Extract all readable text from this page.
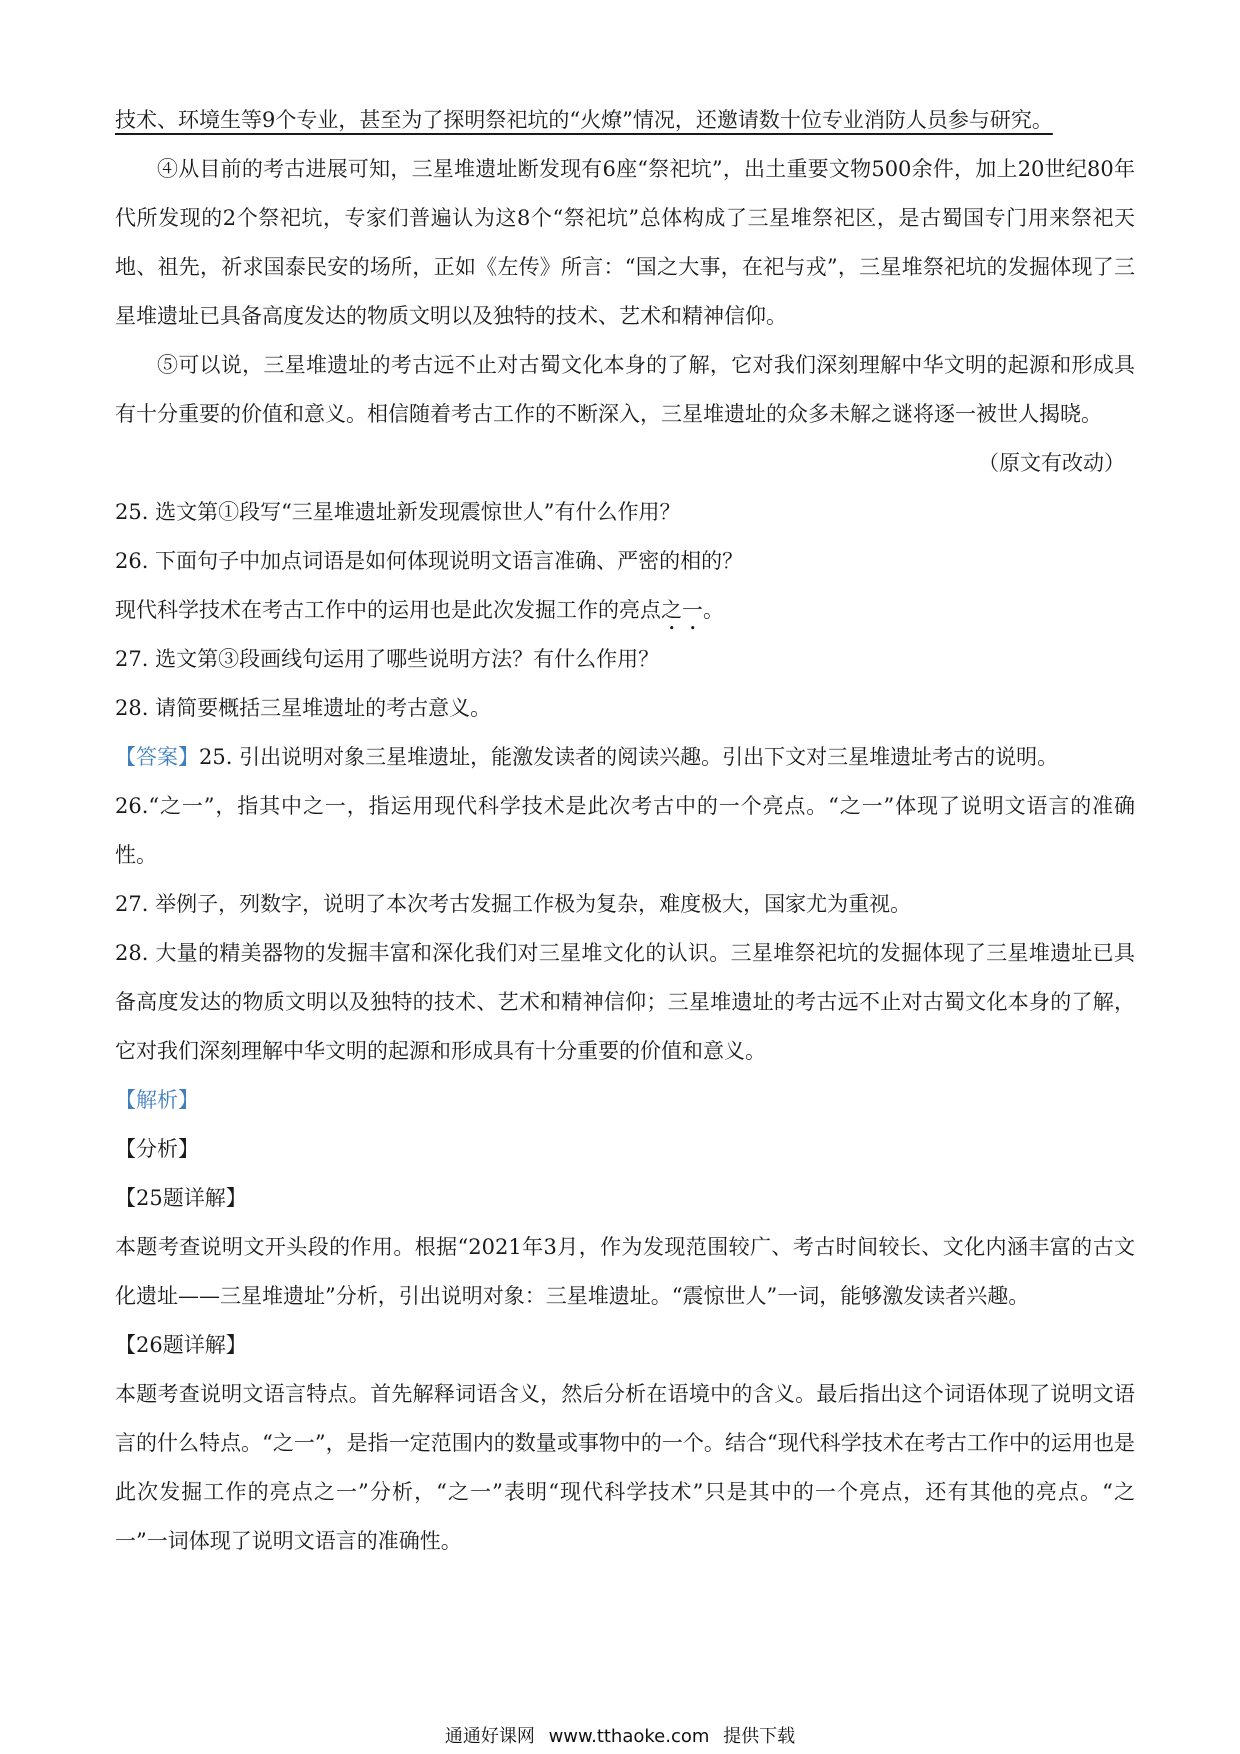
技术、环境生等9个专业，甚至为了探明祭祀坑的“火燎”情况，还邀请数十位专业消防人员参与研究。

④从目前的考古进展可知，三星堆遗址断发现有6座“祭祀坑”，出土重要文物500余件，加上20世纪80年代所发现的2个祭祀坑，专家们普遍认为这8个“祭祀坑”总体构成了三星堆祭祀区，是古蜀国专门用来祭祀天地、祖先，祈求国泰民安的场所，正如《左传》所言：“国之大事，在祀与戎”，三星堆祭祀坑的发掘体现了三星堆遗址已具备高度发达的物质文明以及独特的技术、艺术和精神信仰。

⑤可以说，三星堆遗址的考古远不止对古蜀文化本身的了解，它对我们深刻理解中华文明的起源和形成具有十分重要的价值和意义。相信随着考古工作的不断深入，三星堆遗址的众多未解之谜将逐一被世人揭晓。

（原文有改动）

25. 选文第①段写“三星堆遗址新发现震惊世人”有什么作用？

26. 下面句子中加点词语是如何体现说明文语言准确、严密的相的？

现代科学技术在考古工作中的运用也是此次发掘工作的亮点之一。

27. 选文第③段画线句运用了哪些说明方法？有什么作用？

28. 请简要概括三星堆遗址的考古意义。

【答案】25. 引出说明对象三星堆遗址，能激发读者的阅读兴趣。引出下文对三星堆遗址考古的说明。

26.“之一”，指其中之一，指运用现代科学技术是此次考古中的一个亮点。“之一”体现了说明文语言的准确性。

27. 举例子，列数字，说明了本次考古发掘工作极为复杂，难度极大，国家尤为重视。

28. 大量的精美器物的发掘丰富和深化我们对三星堆文化的认识。三星堆祭祀坑的发掘体现了三星堆遗址已具备高度发达的物质文明以及独特的技术、艺术和精神信仰；三星堆遗址的考古远不止对古蜀文化本身的了解，它对我们深刻理解中华文明的起源和形成具有十分重要的价值和意义。

【解析】

【分析】

【25题详解】

本题考查说明文开头段的作用。根据“2021年3月，作为发现范围较广、考古时间较长、文化内涵丰富的古文化遗址——三星堆遗址”分析，引出说明对象：三星堆遗址。“震惊世人”一词，能够激发读者兴趣。

【26题详解】

本题考查说明文语言特点。首先解释词语含义，然后分析在语境中的含义。最后指出这个词语体现了说明文语言的什么特点。“之一”，是指一定范围内的数量或事物中的一个。结合“现代科学技术在考古工作中的运用也是此次发掘工作的亮点之一”分析，“之一”表明“现代科学技术”只是其中的一个亮点，还有其他的亮点。“之一”一词体现了说明文语言的准确性。

通通好课网 www.tthaoke.com 提供下载
